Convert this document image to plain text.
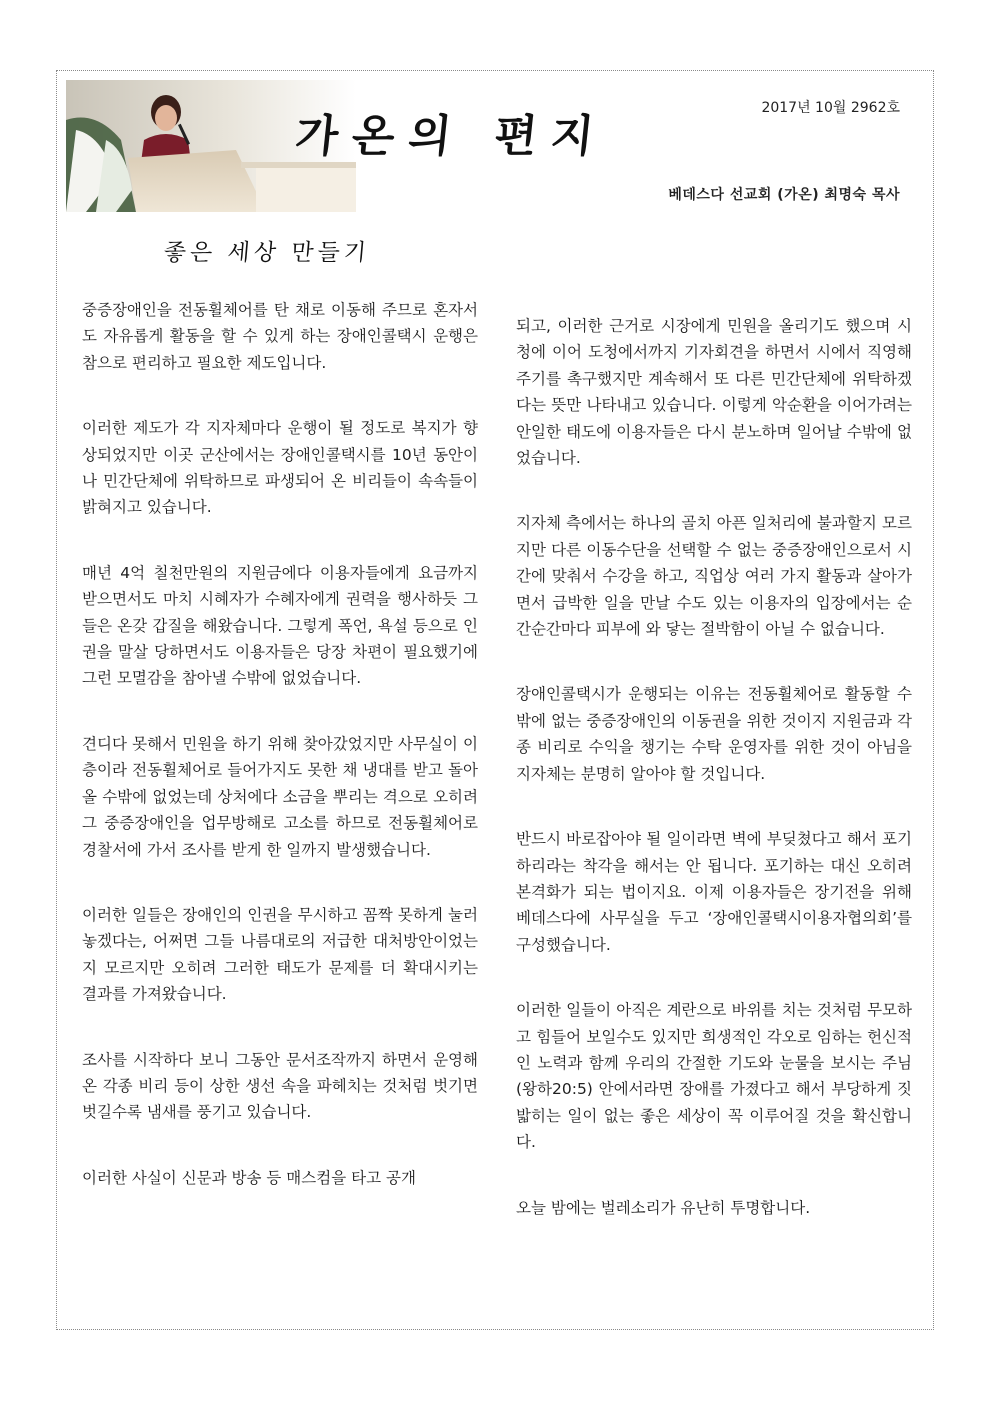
가온의 편지
2017년 10월 2962호
베데스다 선교회 (가온) 최명숙 목사
좋은 세상 만들기

중증장애인을 전동휠체어를 탄 채로 이동해 주므로 혼자서도 자유롭게 활동을 할 수 있게 하는 장애인콜택시 운행은 참으로 편리하고 필요한 제도입니다.

이러한 제도가 각 지자체마다 운행이 될 정도로 복지가 향상되었지만 이곳 군산에서는 장애인콜택시를 10년 동안이나 민간단체에 위탁하므로 파생되어 온 비리들이 속속들이 밝혀지고 있습니다.

매년 4억 칠천만원의 지원금에다 이용자들에게 요금까지 받으면서도 마치 시혜자가 수혜자에게 권력을 행사하듯 그들은 온갖 갑질을 해왔습니다. 그렇게 폭언, 욕설 등으로 인권을 말살 당하면서도 이용자들은 당장 차편이 필요했기에 그런 모멸감을 참아낼 수밖에 없었습니다.

견디다 못해서 민원을 하기 위해 찾아갔었지만 사무실이 이층이라 전동휠체어로 들어가지도 못한 채 냉대를 받고 돌아올 수밖에 없었는데 상처에다 소금을 뿌리는 격으로 오히려 그 중증장애인을 업무방해로 고소를 하므로 전동휠체어로 경찰서에 가서 조사를 받게 한 일까지 발생했습니다.

이러한 일들은 장애인의 인권을 무시하고 꼼짝 못하게 눌러놓겠다는, 어쩌면 그들 나름대로의 저급한 대처방안이었는지 모르지만 오히려 그러한 태도가 문제를 더 확대시키는 결과를 가져왔습니다.

조사를 시작하다 보니 그동안 문서조작까지 하면서 운영해온 각종 비리 등이 상한 생선 속을 파헤치는 것처럼 벗기면 벗길수록 냄새를 풍기고 있습니다.

이러한 사실이 신문과 방송 등 매스컴을 타고 공개

되고, 이러한 근거로 시장에게 민원을 올리기도 했으며 시청에 이어 도청에서까지 기자회견을 하면서 시에서 직영해주기를 촉구했지만 계속해서 또 다른 민간단체에 위탁하겠다는 뜻만 나타내고 있습니다. 이렇게 악순환을 이어가려는 안일한 태도에 이용자들은 다시 분노하며 일어날 수밖에 없었습니다.

지자체 측에서는 하나의 골치 아픈 일처리에 불과할지 모르지만 다른 이동수단을 선택할 수 없는 중증장애인으로서 시간에 맞춰서 수강을 하고, 직업상 여러 가지 활동과 살아가면서 급박한 일을 만날 수도 있는 이용자의 입장에서는 순간순간마다 피부에 와 닿는 절박함이 아닐 수 없습니다.

장애인콜택시가 운행되는 이유는 전동휠체어로 활동할 수밖에 없는 중증장애인의 이동권을 위한 것이지 지원금과 각종 비리로 수익을 챙기는 수탁 운영자를 위한 것이 아님을 지자체는 분명히 알아야 할 것입니다.

반드시 바로잡아야 될 일이라면 벽에 부딪쳤다고 해서 포기하리라는 착각을 해서는 안 됩니다. 포기하는 대신 오히려 본격화가 되는 법이지요. 이제 이용자들은 장기전을 위해 베데스다에 사무실을 두고 ‘장애인콜택시이용자협의회’를 구성했습니다.

이러한 일들이 아직은 계란으로 바위를 치는 것처럼 무모하고 힘들어 보일수도 있지만 희생적인 각오로 임하는 헌신적인 노력과 함께 우리의 간절한 기도와 눈물을 보시는 주님(왕하20:5) 안에서라면 장애를 가졌다고 해서 부당하게 짓밟히는 일이 없는 좋은 세상이 꼭 이루어질 것을 확신합니다.

오늘 밤에는 벌레소리가 유난히 투명합니다.
